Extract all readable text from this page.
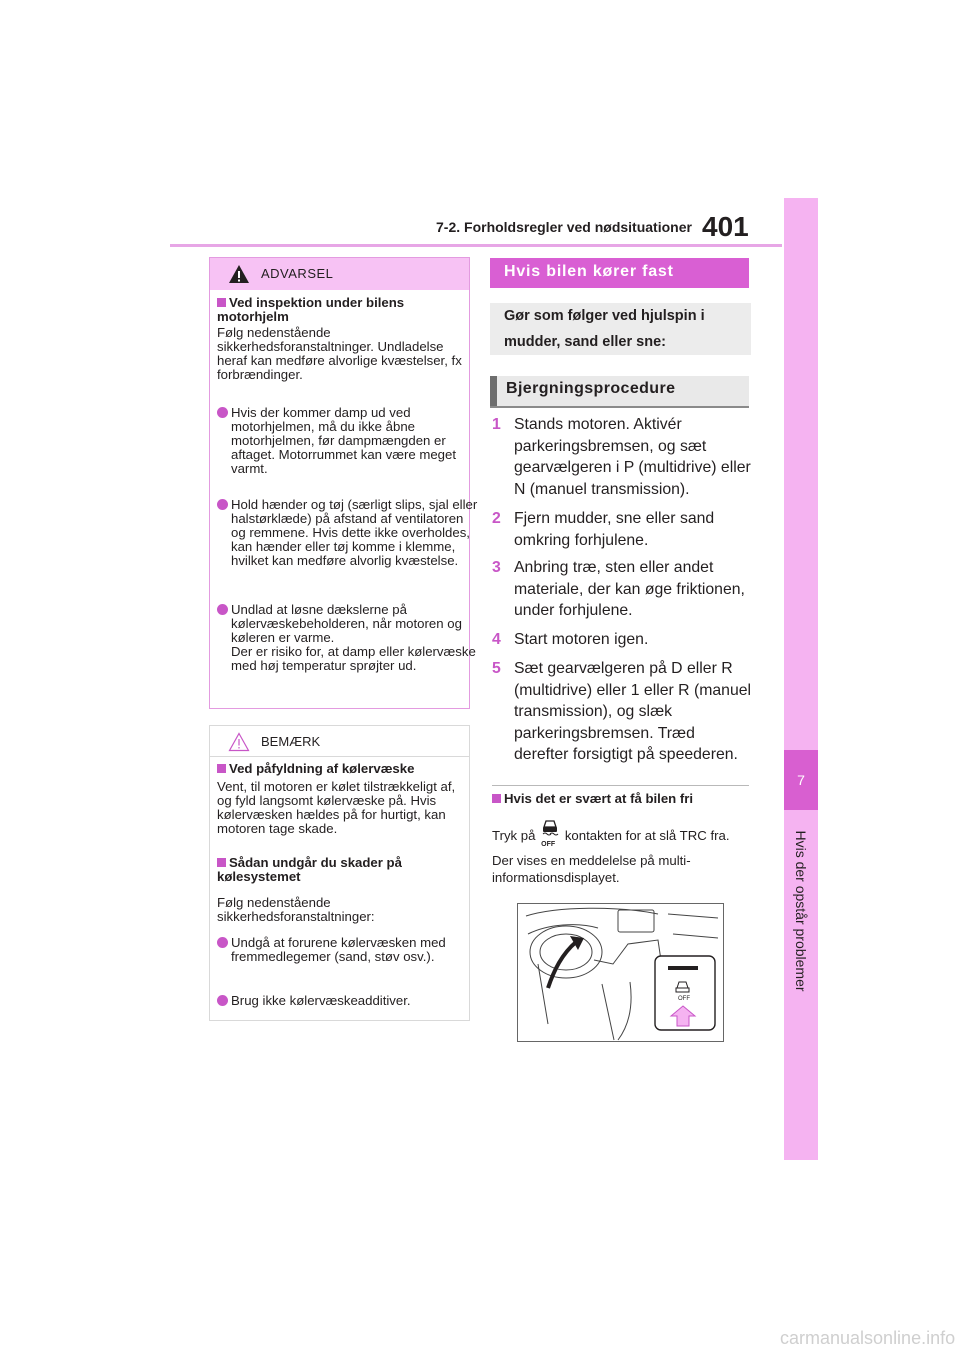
7-2. Forholdsregler ved nødsituationer 401
7
Hvis der opstår problemer
ADVARSEL
Ved inspektion under bilens motorhjelm
Følg nedenstående sikkerhedsforanstaltninger. Undladelse heraf kan medføre alvorlige kvæstelser, fx forbrændinger.
Hvis der kommer damp ud ved motorhjelmen, må du ikke åbne motorhjelmen, før dampmængden er aftaget. Motorrummet kan være meget varmt.
Hold hænder og tøj (særligt slips, sjal eller halstørklæde) på afstand af ventilatoren og remmene. Hvis dette ikke overholdes, kan hænder eller tøj komme i klemme, hvilket kan medføre alvorlig kvæstelse.
Undlad at løsne dækslerne på kølervæskebeholderen, når motoren og køleren er varme.
Der er risiko for, at damp eller kølervæske med høj temperatur sprøjter ud.
BEMÆRK
Ved påfyldning af kølervæske
Vent, til motoren er kølet tilstrækkeligt af, og fyld langsomt kølervæske på. Hvis kølervæsken hældes på for hurtigt, kan motoren tage skade.
Sådan undgår du skader på kølesystemet
Følg nedenstående sikkerhedsforanstaltninger:
Undgå at forurene kølervæsken med fremmedlegemer (sand, støv osv.).
Brug ikke kølervæskeadditiver.
Hvis bilen kører fast
Gør som følger ved hjulspin i mudder, sand eller sne:
Bjergningsprocedure
1 Stands motoren. Aktivér parkeringsbremsen, og sæt gearvælgeren i P (multidrive) eller N (manuel transmission).
2 Fjern mudder, sne eller sand omkring forhjulene.
3 Anbring træ, sten eller andet materiale, der kan øge friktionen, under forhjulene.
4 Start motoren igen.
5 Sæt gearvælgeren på D eller R (multidrive) eller 1 eller R (manuel transmission), og slæk parkeringsbremsen. Træd derefter forsigtigt på speederen.
Hvis det er svært at få bilen fri
Tryk på
OFF
kontakten for at slå TRC fra.
Der vises en meddelelse på multi-informationsdisplayet.
OFF
carmanualsonline.info
